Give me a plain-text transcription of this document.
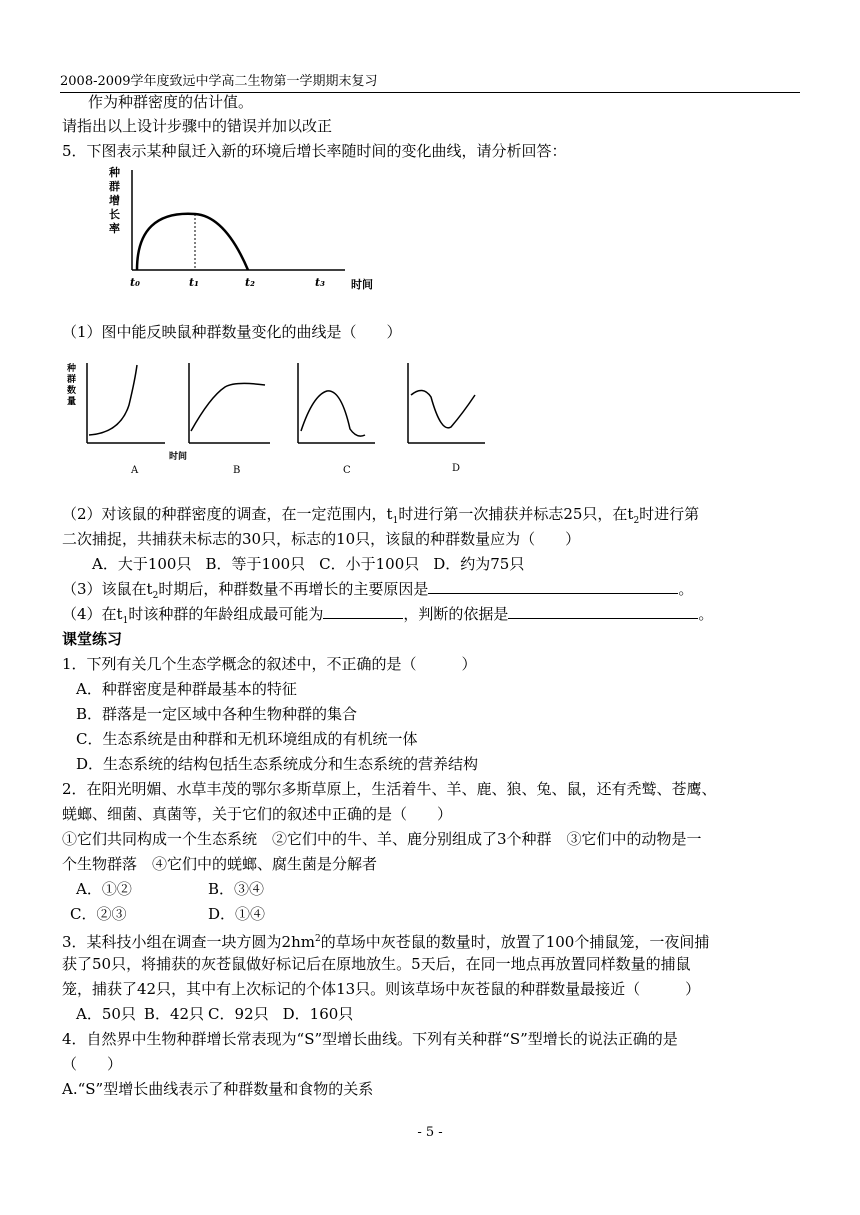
2008-2009学年度致远中学高二生物第一学期期末复习
作为种群密度的估计值。
请指出以上设计步骤中的错误并加以改正
5．下图表示某种鼠迁入新的环境后增长率随时间的变化曲线，请分析回答：
种
群
增
长
率
t₀	t₁	t₂	t₃ 时间
（1）图中能反映鼠种群数量变化的曲线是（　　）
种
群
数
量
时间
A	B	C	D
（2）对该鼠的种群密度的调查，在一定范围内，$t_1$时进行第一次捕获并标志25只，在$t_2$时进行第
二次捕捉，共捕获未标志的30只，标志的10只，该鼠的种群数量应为（　　）
A．大于100只 B．等于100只 C．小于100只 D．约为75只
（3）该鼠在$t_2$时期后，种群数量不再增长的主要原因是	。
（4）在$t_1$时该种群的年龄组成最可能为	，判断的依据是	。
课堂练习
1．下列有关几个生态学概念的叙述中，不正确的是（　　　）
A．种群密度是种群最基本的特征
B．群落是一定区域中各种生物种群的集合
C．生态系统是由种群和无机环境组成的有机统一体
D．生态系统的结构包括生态系统成分和生态系统的营养结构
2．在阳光明媚、水草丰茂的鄂尔多斯草原上，生活着牛、羊、鹿、狼、兔、鼠，还有秃鹫、苍鹰、
蜣螂、细菌、真菌等，关于它们的叙述中正确的是（　　）
①它们共同构成一个生态系统　②它们中的牛、羊、鹿分别组成了3个种群　③它们中的动物是一
个生物群落　④它们中的蜣螂、腐生菌是分解者
A．①②	B．③④
C．②③	D．①④
3．某科技小组在调查一块方圆为$2hm^2$的草场中灰苍鼠的数量时，放置了100个捕鼠笼，一夜间捕
获了50只，将捕获的灰苍鼠做好标记后在原地放生。5天后，在同一地点再放置同样数量的捕鼠
笼，捕获了42只，其中有上次标记的个体13只。则该草场中灰苍鼠的种群数量最接近（　　　）
A．50只 B．42只 C．92只 D．160只
4．自然界中生物种群增长常表现为“S”型增长曲线。下列有关种群“S”型增长的说法正确的是
（　　）
A.“S”型增长曲线表示了种群数量和食物的关系
- 5 -
